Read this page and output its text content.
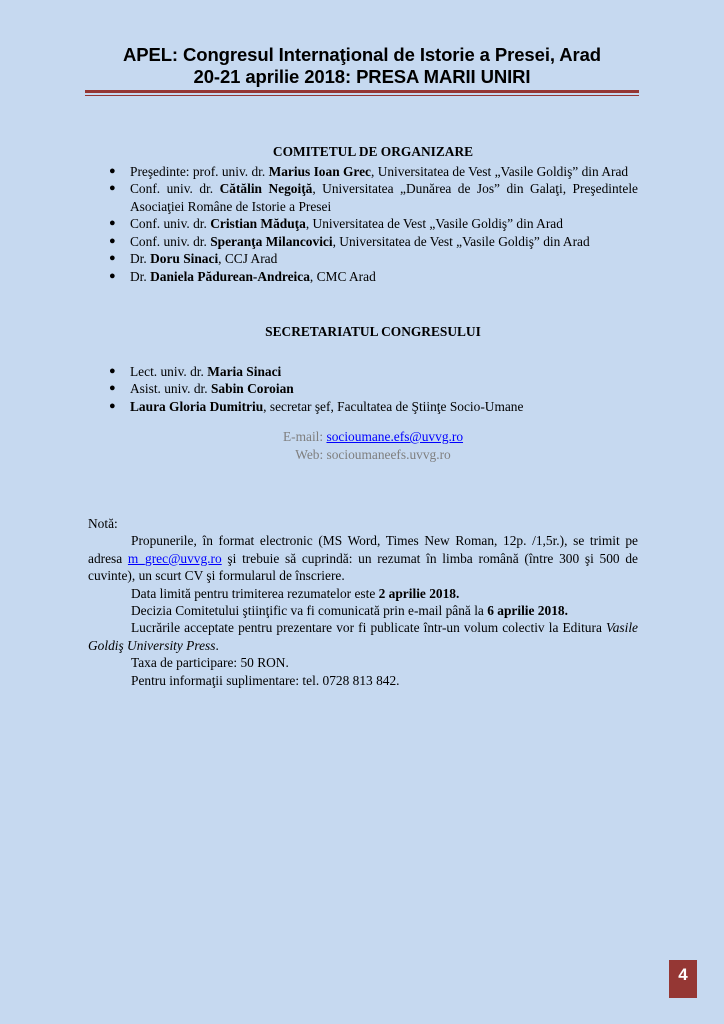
APEL: Congresul Internaţional de Istorie a Presei, Arad
20-21 aprilie 2018: PRESA MARII UNIRI
COMITETUL DE ORGANIZARE
● Preşedinte: prof. univ. dr. Marius Ioan Grec, Universitatea de Vest „Vasile Goldiş” din Arad
● Conf. univ. dr. Cătălin Negoiţă, Universitatea „Dunărea de Jos” din Galaţi, Preşedintele Asociaţiei Române de Istorie a Presei
● Conf. univ. dr. Cristian Măduţa, Universitatea de Vest „Vasile Goldiş” din Arad
● Conf. univ. dr. Speranţa Milancovici, Universitatea de Vest „Vasile Goldiş” din Arad
● Dr. Doru Sinaci, CCJ Arad
● Dr. Daniela Pădurean-Andreica, CMC Arad
SECRETARIATUL CONGRESULUI
● Lect. univ. dr. Maria Sinaci
● Asist. univ. dr. Sabin Coroian
● Laura Gloria Dumitriu, secretar şef, Facultatea de Ştiinţe Socio-Umane
E-mail: socioumane.efs@uvvg.ro
Web: socioumaneefs.uvvg.ro

Notă:

Propunerile, în format electronic (MS Word, Times New Roman, 12p. /1,5r.), se trimit pe adresa m_grec@uvvg.ro şi trebuie să cuprindă: un rezumat în limba română (între 300 şi 500 de cuvinte), un scurt CV şi formularul de înscriere.

Data limită pentru trimiterea rezumatelor este 2 aprilie 2018.

Decizia Comitetului ştiinţific va fi comunicată prin e-mail până la 6 aprilie 2018.

Lucrările acceptate pentru prezentare vor fi publicate într-un volum colectiv la Editura Vasile Goldiş University Press.

Taxa de participare: 50 RON.

Pentru informaţii suplimentare: tel. 0728 813 842.

4
